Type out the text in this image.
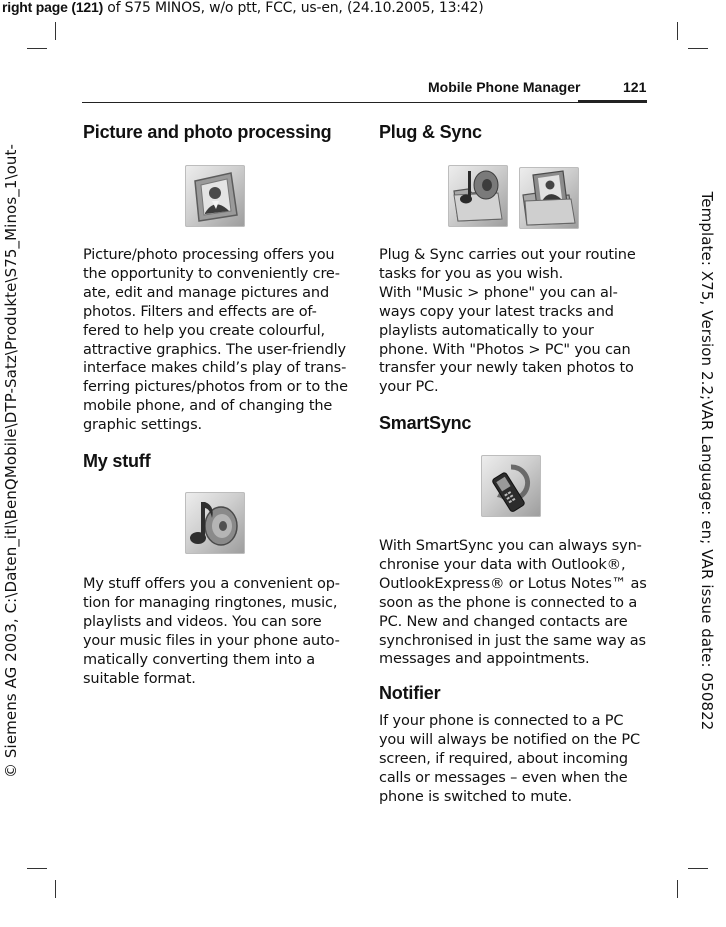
right page (121) of S75 MINOS, w/o ptt, FCC, us-en, (24.10.2005, 13:42)
© Siemens AG 2003, C:\Daten_itl\BenQMobile\DTP-Satz\Produkte\S75_Minos_1\out-	Template: X75, Version 2.2;VAR Language: en; VAR issue date: 050822
Mobile Phone Manager	121
Picture and photo processing
Picture/photo processing offers you the opportunity to conveniently cre-ate, edit and manage pictures and photos. Filters and effects are of-fered to help you create colourful, attractive graphics. The user-friendly interface makes child’s play of trans-ferring pictures/photos from or to the mobile phone, and of changing the graphic settings.
My stuff
My stuff offers you a convenient op-tion for managing ringtones, music, playlists and videos. You can sore your music files in your phone auto-matically converting them into a suitable format.
Plug & Sync
Plug & Sync carries out your routine tasks for you as you wish.
With "Music > phone" you can al-ways copy your latest tracks and playlists automatically to your phone. With "Photos > PC" you can transfer your newly taken photos to your PC.
SmartSync
With SmartSync you can always syn-chronise your data with Outlook®, OutlookExpress® or Lotus Notes™ as soon as the phone is connected to a PC. New and changed contacts are synchronised in just the same way as messages and appointments.
Notifier
If your phone is connected to a PC you will always be notified on the PC screen, if required, about incoming calls or messages – even when the phone is switched to mute.
